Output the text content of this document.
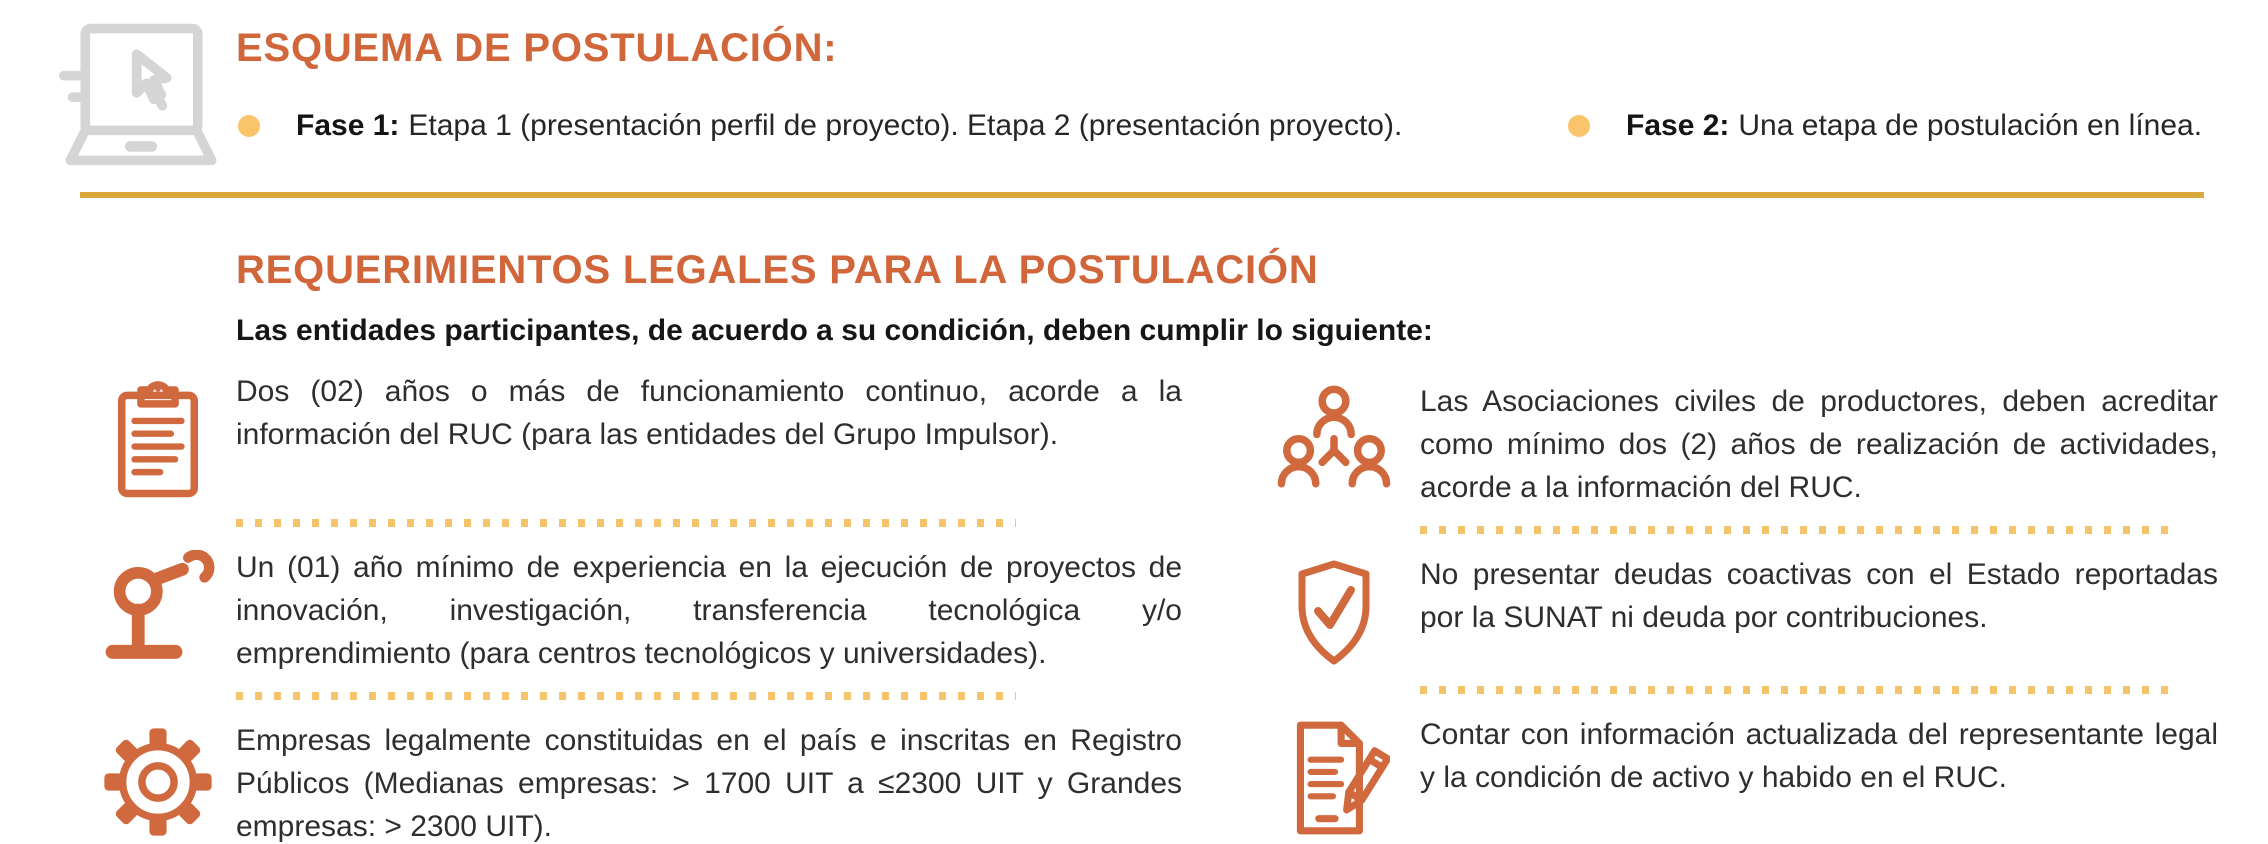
ESQUEMA DE POSTULACIÓN:

Fase 1: Etapa 1 (presentación perfil de proyecto). Etapa 2 (presentación proyecto).	Fase 2: Una etapa de postulación en línea.

REQUERIMIENTOS LEGALES PARA LA POSTULACIÓN

Las entidades participantes, de acuerdo a su condición, deben cumplir lo siguiente:

Dos (02) años o más de funcionamiento continuo, acorde a la información del RUC (para las entidades del Grupo Impulsor).

Un (01) año mínimo de experiencia en la ejecución de proyectos de innovación, investigación, transferencia tecnológica y/o emprendimiento (para centros tecnológicos y universidades).

Empresas legalmente constituidas en el país e inscritas en Registro Públicos (Medianas empresas: > 1700 UIT a ≤2300 UIT y Grandes empresas: > 2300 UIT).

Las Asociaciones civiles de productores, deben acreditar como mínimo dos (2) años de realización de actividades, acorde a la información del RUC.

No presentar deudas coactivas con el Estado reportadas por la SUNAT ni deuda por contribuciones.

Contar con información actualizada del representante legal y la condición de activo y habido en el RUC.
